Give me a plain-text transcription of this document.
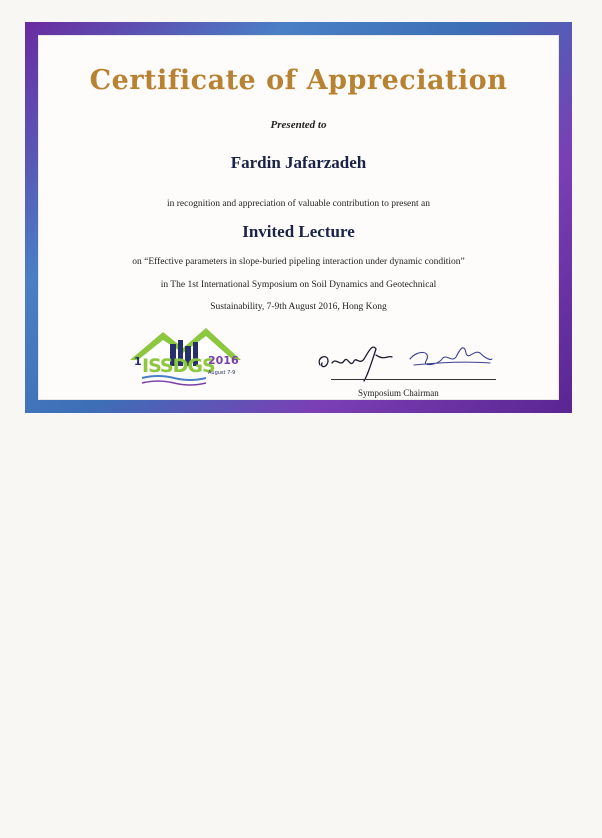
Certificate of Appreciation
Presented to
Fardin Jafarzadeh
in recognition and appreciation of valuable contribution to present an
Invited Lecture
on “Effective parameters in slope-buried pipeling interaction under dynamic condition”
in The 1st International Symposium on Soil Dynamics and Geotechnical
Sustainability, 7-9th August 2016, Hong Kong
1 ISSDGS
2016
August 7-9
Symposium Chairman
